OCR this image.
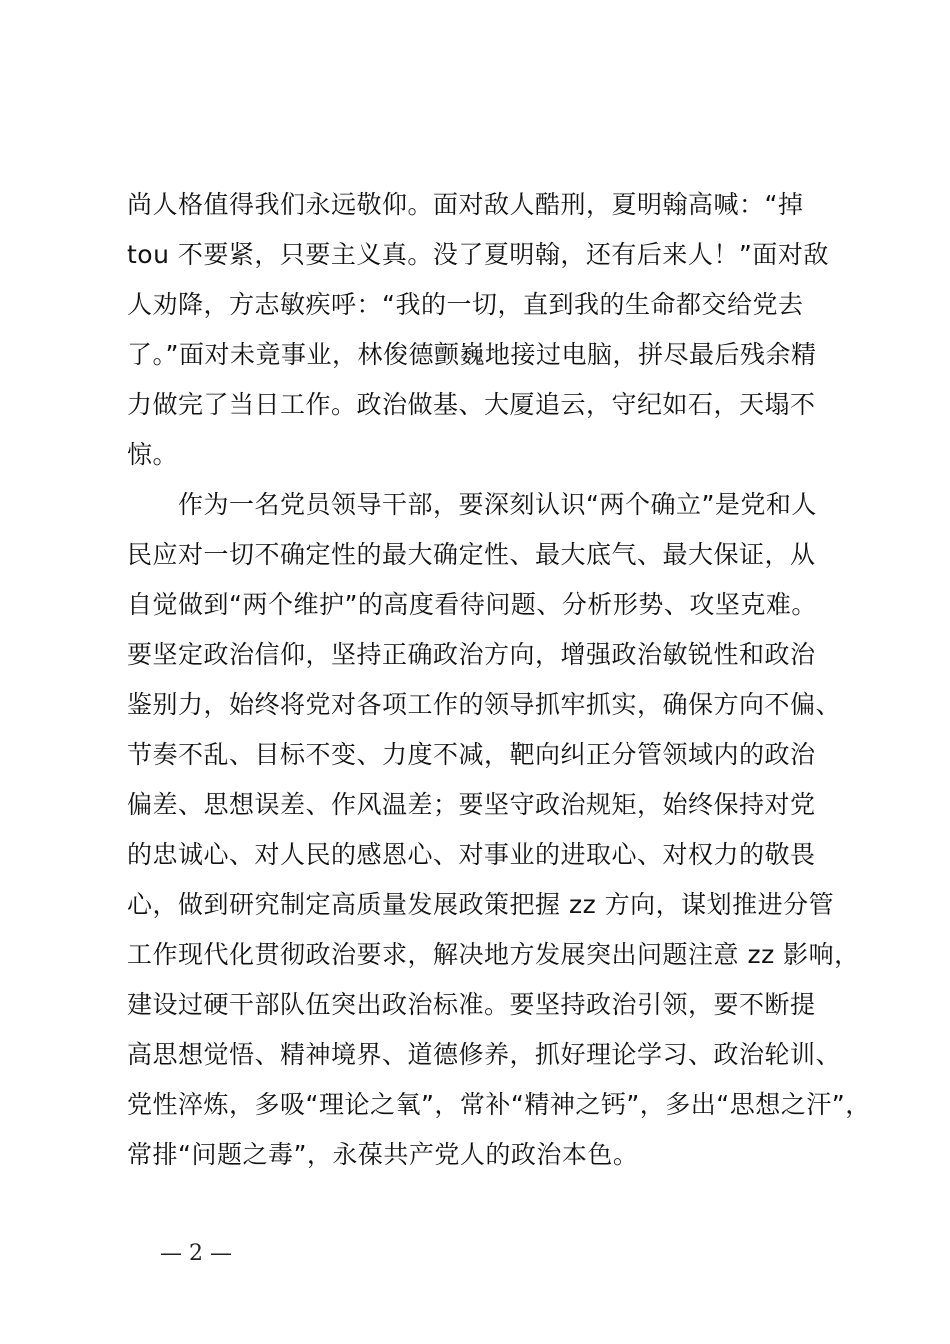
尚人格值得我们永远敬仰。面对敌人酷刑，夏明翰高喊：“掉
tou 不要紧，只要主义真。没了夏明翰，还有后来人！”面对敌
人劝降，方志敏疾呼：“我的一切，直到我的生命都交给党去
了。”面对未竟事业，林俊德颤巍地接过电脑，拼尽最后残余精
力做完了当日工作。政治做基、大厦追云，守纪如石，天塌不
惊。
作为一名党员领导干部，要深刻认识“两个确立”是党和人
民应对一切不确定性的最大确定性、最大底气、最大保证，从
自觉做到“两个维护”的高度看待问题、分析形势、攻坚克难。
要坚定政治信仰，坚持正确政治方向，增强政治敏锐性和政治
鉴别力，始终将党对各项工作的领导抓牢抓实，确保方向不偏、
节奏不乱、目标不变、力度不减，靶向纠正分管领域内的政治
偏差、思想误差、作风温差；要坚守政治规矩，始终保持对党
的忠诚心、对人民的感恩心、对事业的进取心、对权力的敬畏
心，做到研究制定高质量发展政策把握 zz 方向，谋划推进分管
工作现代化贯彻政治要求，解决地方发展突出问题注意 zz 影响，
建设过硬干部队伍突出政治标准。要坚持政治引领，要不断提
高思想觉悟、精神境界、道德修养，抓好理论学习、政治轮训、
党性淬炼，多吸“理论之氧”，常补“精神之钙”，多出“思想之汗”，
常排“问题之毒”，永葆共产党人的政治本色。
— 2 —
